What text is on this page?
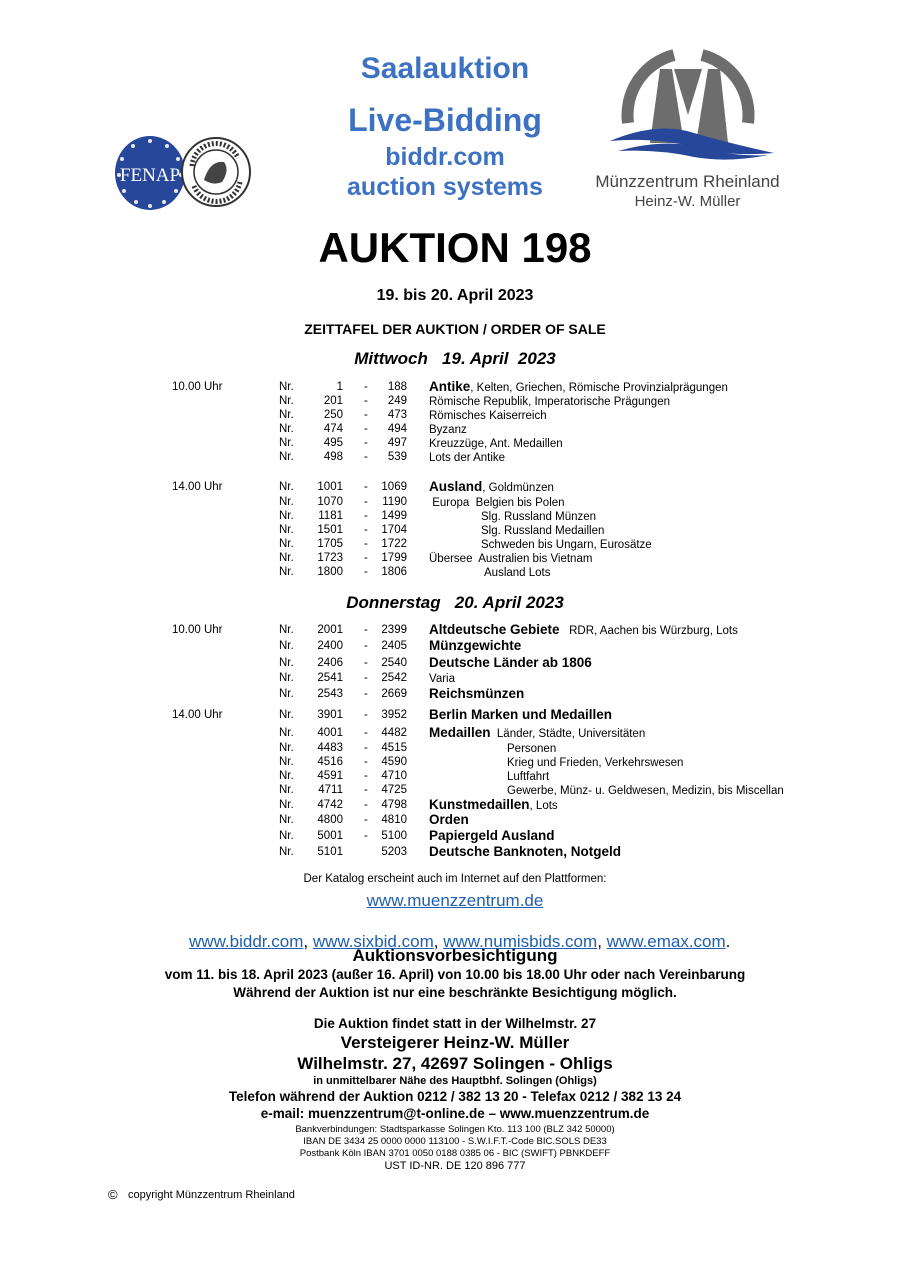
FENAP
Saalauktion
Live-Bidding
biddr.com
auction systems	Münzzentrum Rheinland
Heinz-W. Müller
AUKTION 198
19. bis 20. April 2023
ZEITTAFEL DER AUKTION / ORDER OF SALE
Mittwoch   19. April  2023
10.00 Uhr	Nr.	1 -	188 Antike, Kelten, Griechen, Römische Provinzialprägungen
Nr.	201 -	249 Römische Republik, Imperatorische Prägungen
Nr.	250 -	473 Römisches Kaiserreich
Nr.	474 -	494 Byzanz
Nr.	495 -	497 Kreuzzüge, Ant. Medaillen
Nr.	498 -	539 Lots der Antike
14.00 Uhr	Nr.	1001 -	1069 Ausland, Goldmünzen
Nr.	1070 -	1190 Europa  Belgien bis Polen
Nr.	1181 -	1499	Slg. Russland Münzen
Nr.	1501 -	1704	Slg. Russland Medaillen
Nr.	1705 -	1722	Schweden bis Ungarn, Eurosätze
Nr.	1723 -	1799 Übersee  Australien bis Vietnam
Nr.	1800 -	1806	Ausland Lots
Donnerstag   20. April 2023
10.00 Uhr	Nr.	2001 -	2399 Altdeutsche Gebiete   RDR, Aachen bis Würzburg, Lots
Nr.	2400 -	2405 Münzgewichte
Nr.	2406 -	2540 Deutsche Länder ab 1806
Nr.	2541 -	2542 Varia
Nr.	2543 -	2669 Reichsmünzen
14.00 Uhr	Nr.	3901 -	3952 Berlin Marken und Medaillen
Nr.	4001 -	4482 Medaillen  Länder, Städte, Universitäten
Nr.	4483 -	4515	Personen
Nr.	4516 -	4590	Krieg und Frieden, Verkehrswesen
Nr.	4591 -	4710	Luftfahrt
Nr.	4711 -	4725	Gewerbe, Münz- u. Geldwesen, Medizin, bis Miscellan
Nr.	4742 -	4798 Kunstmedaillen, Lots
Nr.	4800 -	4810 Orden
Nr.	5001 -	5100 Papiergeld Ausland
Nr.	5101	5203 Deutsche Banknoten, Notgeld
Der Katalog erscheint auch im Internet auf den Plattformen:
www.muenzzentrum.de

www.biddr.com, www.sixbid.com, www.numisbids.com, www.emax.com.

Auktionsvorbesichtigung
vom 11. bis 18. April 2023 (außer 16. April) von 10.00 bis 18.00 Uhr oder nach Vereinbarung
Während der Auktion ist nur eine beschränkte Besichtigung möglich.
Die Auktion findet statt in der Wilhelmstr. 27
Versteigerer Heinz-W. Müller
Wilhelmstr. 27, 42697 Solingen - Ohligs
in unmittelbarer Nähe des Hauptbhf. Solingen (Ohligs)
Telefon während der Auktion 0212 / 382 13 20 - Telefax 0212 / 382 13 24
e-mail: muenzzentrum@t-online.de – www.muenzzentrum.de
Bankverbindungen: Stadtsparkasse Solingen Kto. 113 100 (BLZ 342 50000)
IBAN DE 3434 25 0000 0000 113100 - S.W.I.F.T.-Code BIC.SOLS DE33
Postbank Köln IBAN 3701 0050 0188 0385 06 - BIC (SWIFT) PBNKDEFF
UST ID-NR. DE 120 896 777
© copyright Münzzentrum Rheinland
